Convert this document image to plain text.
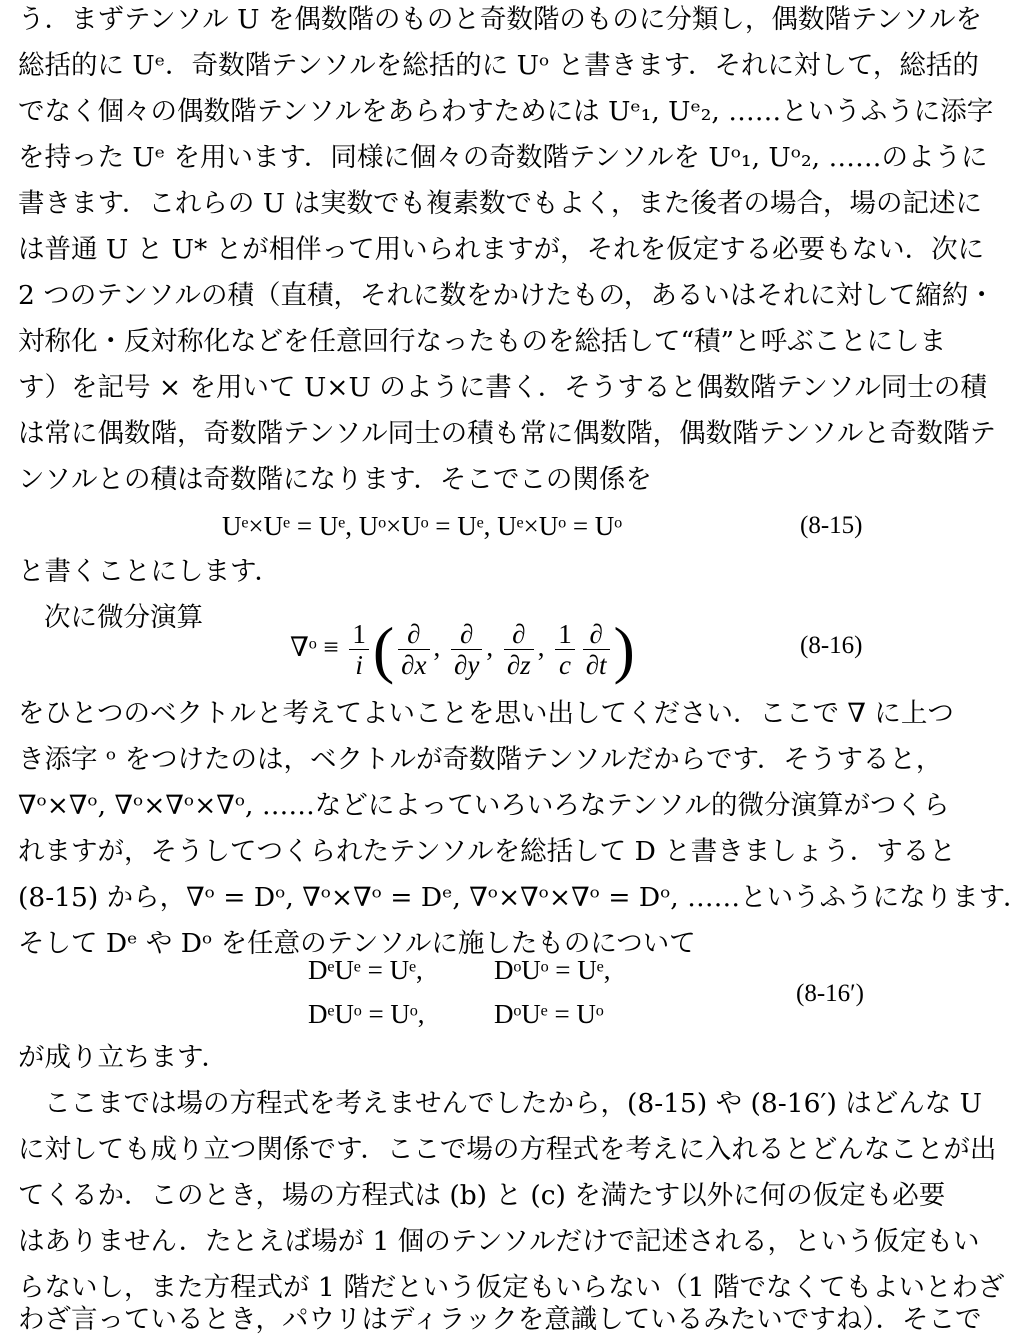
う．まずテンソル U を偶数階のものと奇数階のものに分類し，偶数階テンソルを
総括的に Uᵉ．奇数階テンソルを総括的に Uᵒ と書きます．それに対して，総括的
でなく個々の偶数階テンソルをあらわすためには Uᵉ₁, Uᵉ₂, ……というふうに添字
を持った Uᵉ を用います．同様に個々の奇数階テンソルを Uᵒ₁, Uᵒ₂, ……のように
書きます．これらの U は実数でも複素数でもよく，また後者の場合，場の記述に
は普通 U と U* とが相伴って用いられますが，それを仮定する必要もない．次に
2 つのテンソルの積（直積，それに数をかけたもの，あるいはそれに対して縮約・
対称化・反対称化などを任意回行なったものを総括して“積”と呼ぶことにしま
す）を記号 × を用いて U×U のように書く．そうすると偶数階テンソル同士の積
は常に偶数階，奇数階テンソル同士の積も常に偶数階，偶数階テンソルと奇数階テ
ンソルとの積は奇数階になります．そこでこの関係を
Uᵉ×Uᵉ = Uᵉ, Uᵒ×Uᵒ = Uᵉ, Uᵉ×Uᵒ = Uᵒ	(8-15)
と書くことにします．
次に微分演算
∇ᵒ ≡ $\frac{1}{i}$ ( $\frac{\partial}{\partial x}$ , $\frac{\partial}{\partial y}$ , $\frac{\partial}{\partial z}$ , $\frac{1}{c} \frac{\partial}{\partial t}$ )	(8-16)
をひとつのベクトルと考えてよいことを思い出してください．ここで ∇ に上つ
き添字 ᵒ をつけたのは，ベクトルが奇数階テンソルだからです．そうすると，
∇ᵒ×∇ᵒ, ∇ᵒ×∇ᵒ×∇ᵒ, ……などによっていろいろなテンソル的微分演算がつくら
れますが，そうしてつくられたテンソルを総括して D と書きましょう．すると
(8-15) から，∇ᵒ = Dᵒ, ∇ᵒ×∇ᵒ = Dᵉ, ∇ᵒ×∇ᵒ×∇ᵒ = Dᵒ, ……というふうになります．
そして Dᵉ や Dᵒ を任意のテンソルに施したものについて
DᵉUᵉ = Uᵉ,	DᵒUᵒ = Uᵉ,
DᵉUᵒ = Uᵒ,	DᵒUᵉ = Uᵒ
(8-16′)
が成り立ちます．
ここまでは場の方程式を考えませんでしたから，(8-15) や (8-16′) はどんな U
に対しても成り立つ関係です．ここで場の方程式を考えに入れるとどんなことが出
てくるか．このとき，場の方程式は (b) と (c) を満たす以外に何の仮定も必要
はありません．たとえば場が 1 個のテンソルだけで記述される，という仮定もい
らないし，また方程式が 1 階だという仮定もいらない（1 階でなくてもよいとわざ
わざ言っているとき，パウリはディラックを意識しているみたいですね）．そこで
